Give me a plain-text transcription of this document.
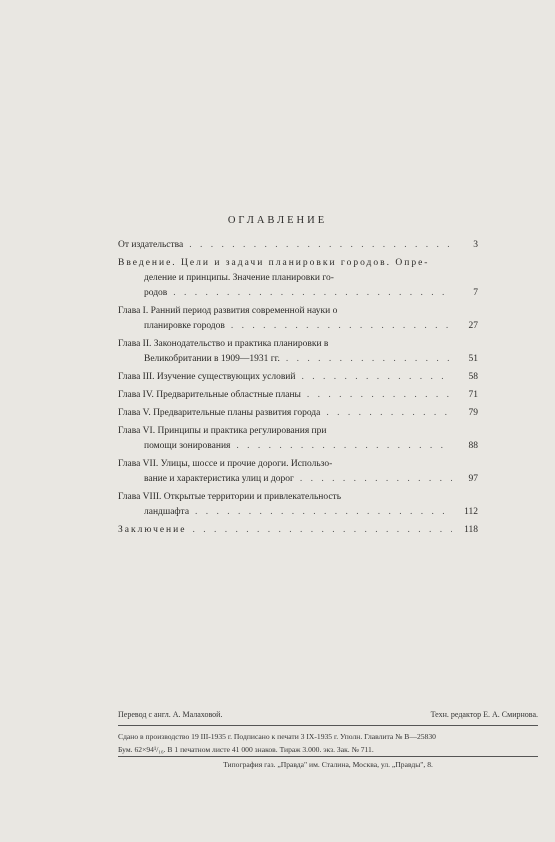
ОГЛАВЛЕНИЕ
От издательства . . .	3
Введение. Цели и задачи планировки городов. Опре-
деление и принципы. Значение планировки го-
родов . . .	7
Глава I. Ранний период развития современной науки о
планировке городов . . .	27
Глава II. Законодательство и практика планировки в
Великобритании в 1909—1931 гг. . . .	51
Глава III. Изучение существующих условий . . .	58
Глава IV. Предварительные областные планы . . .	71
Глава V. Предварительные планы развития города . . .	79
Глава VI. Принципы и практика регулирования при
помощи зонирования . . .	88
Глава VII. Улицы, шоссе и прочие дороги. Использо-
вание и характеристика улиц и дорог . . .	97
Глава VIII. Открытые территории и привлекательность
ландшафта . . .	112
Заключение . . .	118
Перевод с англ. А. Малаховой.	Техн. редактор Е. А. Смирнова.
Сдано в производство 19 III-1935 г. Подписано к печати 3 IX-1935 г. Уполн. Главлита № В—25830
Бум. 62×94¹/₁₆. В 1 печатном листе 41 000 знаков. Тираж 3.000. экз. Зак. № 711.
Типография газ. „Правда" им. Сталина, Москва, ул. „Правды", 8.
